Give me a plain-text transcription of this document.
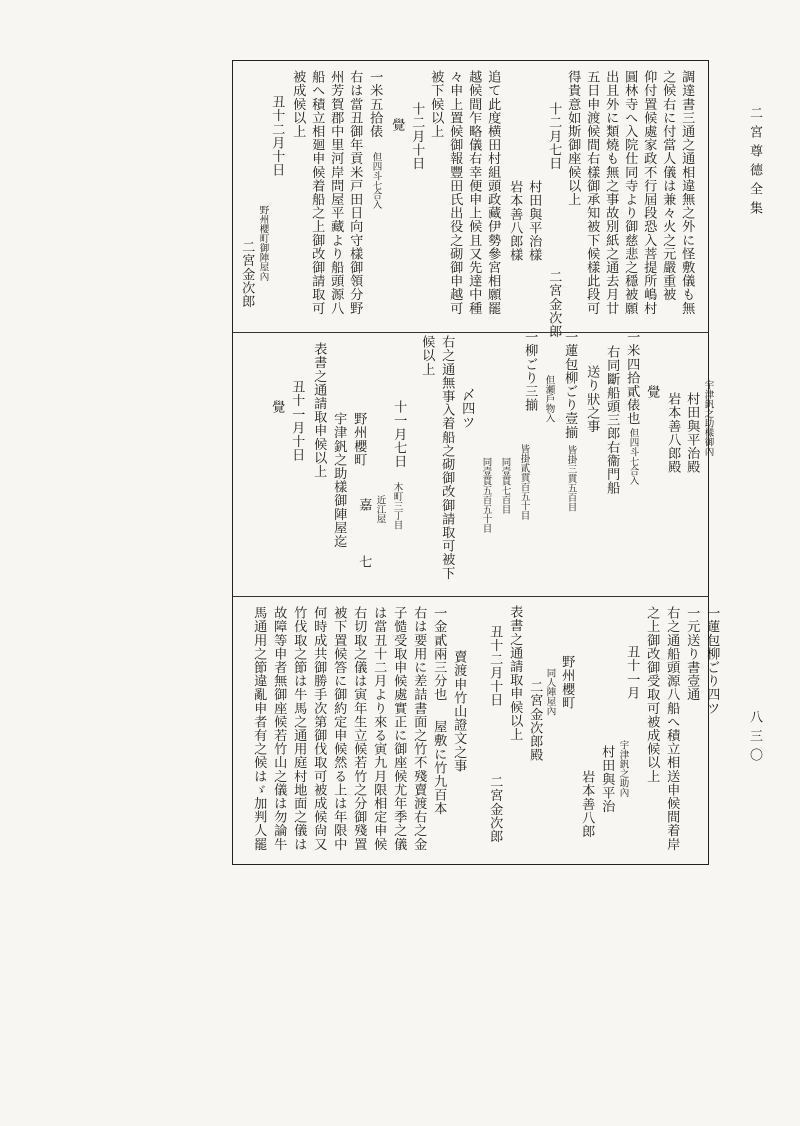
二宮尊德全集
八三〇
調達書三通之通相違無之外に怪敷儀も無
之候右に付當人儀は兼々火之元嚴重被
仰付置候處家政不行屆段恐入菩提所嶋村
圓林寺へ入院仕同寺より御慈悲之穩被願
出且外に類燒も無之事故別紙之通去月廿
五日申渡候間右樣御承知被下候樣此段可
得貴意如斯御座候以上
十二月七日
二宮金次郎
村田與平治樣
岩本善八郎樣
追て此度横田村組頭政藏伊勢參宮相願罷
越候間乍略儀右幸便申上候且又先達中種
々申上置候御報豐田氏出役之砌御申越可
被下候以上
十二月十日
覺
一米五拾俵
但四斗七合入
右は當丑御年貢米戸田日向守樣御領分野
州芳賀郡中里河岸問屋平藏より船頭源八
船へ積立相廻申候着船之上御改御請取可
被成候以上
丑十二月十日
野州櫻町御陣屋內
二宮金次郎
宇津釩之助樣御內
村田與平治殿
岩本善八郎殿
覺
一米四拾貳俵也
但四斗七合入
右同斷船頭三郎右衞門船
送り狀之事
一蓮包柳ごり壹揃
皆掛三貫五百目
但瀬戶物入
一柳ごり三揃
皆掛貳貫百五十目
同壹貫七百目
同壹貫五百五十目
〆四ツ
右之通無事入着船之砌御改御請取可被下
候以上
十一月七日
木町三丁目
近江屋
嘉
七
野州櫻町
宇津釩之助樣御陣屋迄
表書之通請取申候以上
丑十一月十日
覺
一蓮包柳ごり四ツ
一元送り書壹通
右之通船頭源八船へ積立相送申候間着岸
之上御改御受取可被成候以上
丑十一月
宇津釩之助內
村田與平治
岩本善八郎
野州櫻町
同人陣屋內
二宮金次郎殿
表書之通請取申候以上
丑十二月十日
二宮金次郎
賣渡申竹山證文之事
一金貳兩三分也
屋敷に竹九百本
右は要用に差詰書面之竹不殘賣渡右之金
子慥受取申候處實正に御座候尤年季之儀
は當丑十二月より來る寅九月限相定申候
右切取之儀は寅年生立候若竹之分御殘置
被下置候答に御約定申候然る上は年限中
何時成共御勝手次第御伐取可被成候尙又
竹伐取之節は牛馬之通用庭村地面之儀は
故障等申者無御座候若竹山之儀は勿論牛
馬通用之節違亂申者有之候はゞ加判人罷
